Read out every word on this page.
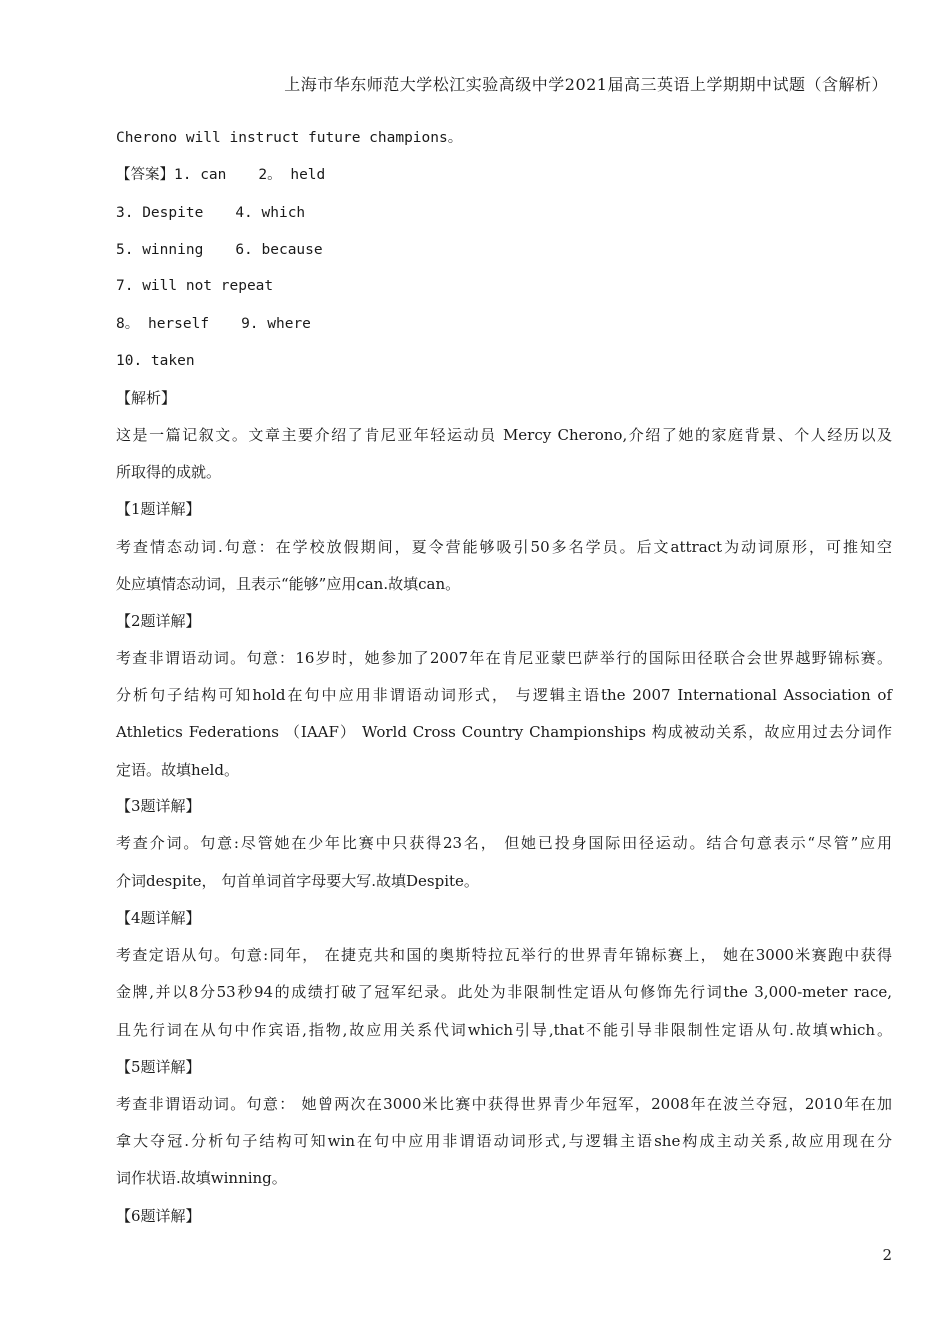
上海市华东师范大学松江实验高级中学2021届高三英语上学期期中试题（含解析）
Cherono will instruct future champions。
【答案】1. can 2。 held
3. Despite 4. which
5. winning 6. because
7. will not repeat
8。 herself 9. where
10. taken
【解析】
这是一篇记叙文。文章主要介绍了肯尼亚年轻运动员 Mercy Cherono,介绍了她的家庭背景、个人经历以及
所取得的成就。
【1题详解】
考查情态动词.句意：在学校放假期间，夏令营能够吸引50多名学员。后文attract为动词原形，可推知空
处应填情态动词，且表示“能够”应用can.故填can。
【2题详解】
考查非谓语动词。句意：16岁时，她参加了2007年在肯尼亚蒙巴萨举行的国际田径联合会世界越野锦标赛。
分析句子结构可知hold在句中应用非谓语动词形式， 与逻辑主语the 2007 International Association of
Athletics Federations （IAAF） World Cross Country Championships 构成被动关系，故应用过去分词作
定语。故填held。
【3题详解】
考查介词。句意:尽管她在少年比赛中只获得23名， 但她已投身国际田径运动。结合句意表示“尽管”应用
介词despite， 句首单词首字母要大写.故填Despite。
【4题详解】
考查定语从句。句意:同年， 在捷克共和国的奥斯特拉瓦举行的世界青年锦标赛上， 她在3000米赛跑中获得
金牌,并以8分53秒94的成绩打破了冠军纪录。此处为非限制性定语从句修饰先行词the 3,000-meter race,
且先行词在从句中作宾语,指物,故应用关系代词which引导,that不能引导非限制性定语从句.故填which。
【5题详解】
考查非谓语动词。句意： 她曾两次在3000米比赛中获得世界青少年冠军，2008年在波兰夺冠，2010年在加
拿大夺冠.分析句子结构可知win在句中应用非谓语动词形式,与逻辑主语she构成主动关系,故应用现在分
词作状语.故填winning。
【6题详解】
2
